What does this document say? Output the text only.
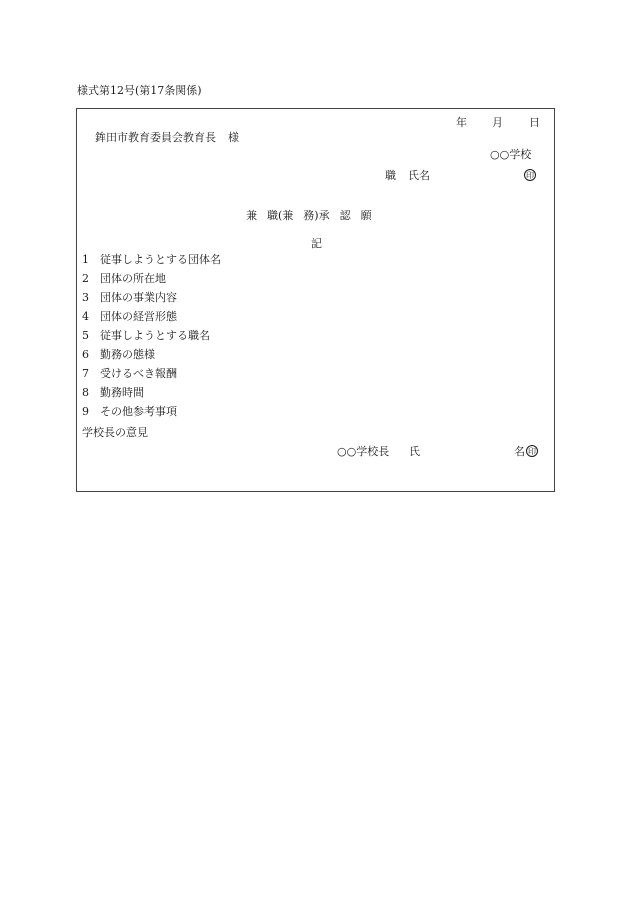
様式第12号(第17条関係)
年 月 日
鉾田市教育委員会教育長 様
○○学校
職 氏名	印
兼 職(兼 務)承 認 願
記
1 従事しようとする団体名
2 団体の所在地
3 団体の事業内容
4 団体の経営形態
5 従事しようとする職名
6 勤務の態様
7 受けるべき報酬
8 勤務時間
9 その他参考事項
学校長の意見
○○学校長 氏	名 印
